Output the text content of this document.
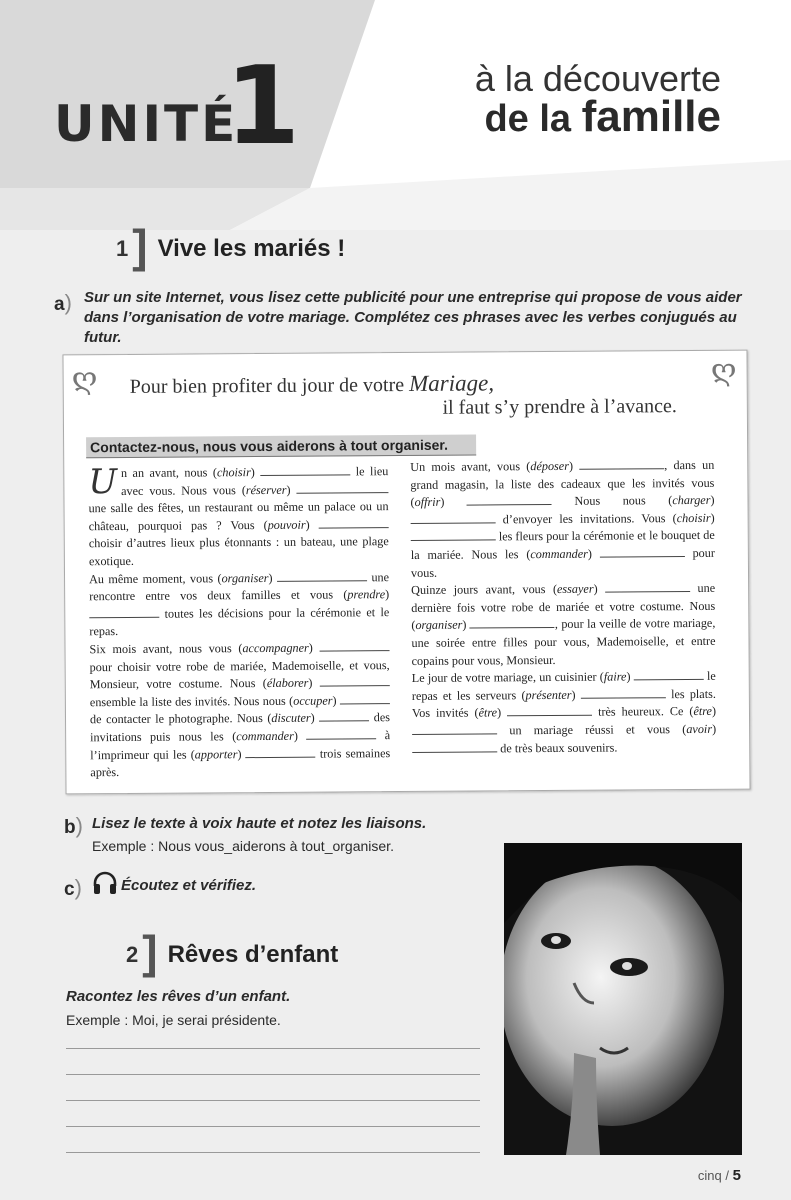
UNITÉ
1	à la découverte
de la famille
1 ] Vive les mariés !
a) Sur un site Internet, vous lisez cette publicité pour une entreprise qui propose de vous aider dans l’organisation de votre mariage. Complétez ces phrases avec les verbes conjugués au futur.
ღ	ღ
Pour bien profiter du jour de votre Mariage,
il faut s’y prendre à l’avance.
Contactez-nous, nous vous aiderons à tout organiser.
U n an avant, nous (choisir)	le lieu avec vous. Nous vous (réserver)  une salle des fêtes, un restaurant ou même un palace ou un château, pourquoi pas ? Vous (pouvoir)  choisir d’autres lieux plus étonnants : un bateau, une plage exotique.
Au même moment, vous (organiser)	une rencontre entre vos deux familles et vous (prendre)  toutes les décisions pour la cérémonie et le repas.
Six mois avant, nous vous (accompagner)  pour choisir votre robe de mariée, Mademoiselle, et vous, Monsieur, votre costume. Nous (élaborer)  ensemble la liste des invités. Nous nous (occuper)  de contacter le photographe. Nous (discuter)	des invitations puis nous les (commander)	à l’imprimeur qui les (apporter)	trois semaines après.
Un mois avant, vous (déposer)	, dans un grand magasin, la liste des cadeaux que les invités vous (offrir)	Nous nous (charger)  d’envoyer les invitations. Vous (choisir)  les fleurs pour la cérémonie et le bouquet de la mariée. Nous les (commander)	pour vous.
Quinze jours avant, vous (essayer)	une dernière fois votre robe de mariée et votre costume. Nous (organiser)	, pour la veille de votre mariage, une soirée entre filles pour vous, Mademoiselle, et entre copains pour vous, Monsieur.
Le jour de votre mariage, un cuisinier (faire)	le repas et les serveurs (présenter)	les plats. Vos invités (être)	très heureux. Ce (être)  un mariage réussi et vous (avoir)  de très beaux souvenirs.
b) Lisez le texte à voix haute et notez les liaisons.
Exemple : Nous vous_aiderons à tout_organiser.
c)	Écoutez et vérifiez.
2 ] Rêves d’enfant
Racontez les rêves d’un enfant.
Exemple : Moi, je serai présidente.
cinq / 5
